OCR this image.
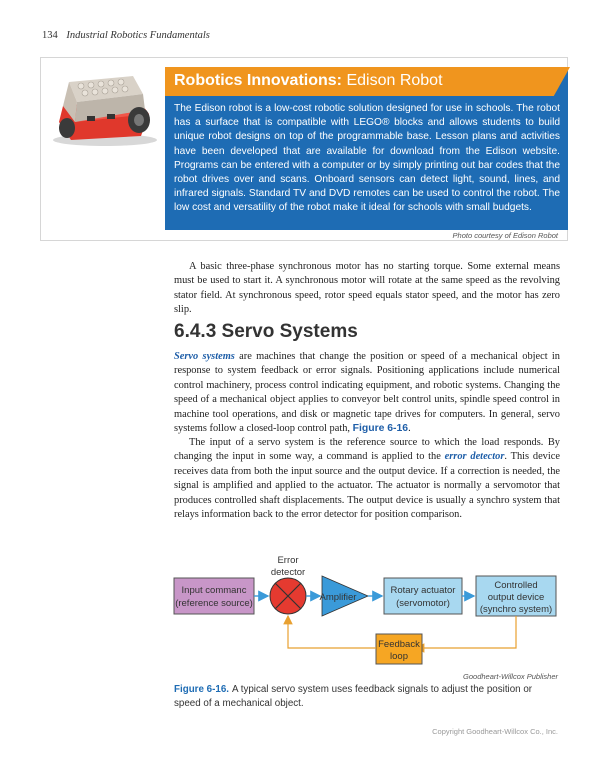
134 Industrial Robotics Fundamentals
Robotics Innovations: Edison Robot

The Edison robot is a low-cost robotic solution designed for use in schools. The robot has a surface that is compatible with LEGO® blocks and allows students to build unique robot designs on top of the programmable base. Lesson plans and activities have been developed that are available for download from the Edison website. Programs can be entered with a computer or by simply printing out bar codes that the robot drives over and scans. Onboard sensors can detect light, sound, lines, and infrared signals. Standard TV and DVD remotes can be used to control the robot. The low cost and versatility of the robot make it ideal for schools with small budgets.

Photo courtesy of Edison Robot

A basic three-phase synchronous motor has no starting torque. Some external means must be used to start it. A synchronous motor will rotate at the same speed as the revolving stator field. At synchronous speed, rotor speed equals stator speed, and the motor has zero slip.

6.4.3 Servo Systems

Servo systems are machines that change the position or speed of a mechanical object in response to system feedback or error signals. Positioning applications include numerical control machinery, process control indicating equipment, and robotic systems. Changing the speed of a mechanical object applies to conveyor belt control units, spindle speed control in machine tool operations, and disk or magnetic tape drives for computers. In general, servo systems follow a closed-loop control path, Figure 6-16.

The input of a servo system is the reference source to which the load responds. By changing the input in some way, a command is applied to the error detector. This device receives data from both the input source and the output device. If a correction is needed, the signal is amplified and applied to the actuator. The actuator is normally a servomotor that produces controlled shaft displacements. The output device is usually a synchro system that relays information back to the error detector for position comparison.

Error
detector
Input commanc
(reference source)
Amplifier
Rotary actuator
(servomotor)
Controlled
output device
(synchro system)
Feedback
loop
Goodheart-Willcox Publisher

Figure 6-16. A typical servo system uses feedback signals to adjust the position or speed of a mechanical object.

Copyright Goodheart-Willcox Co., Inc.
